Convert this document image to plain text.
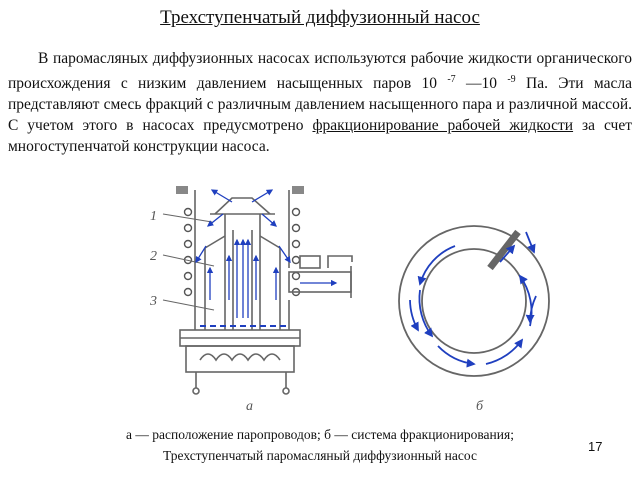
Трехступенчатый диффузионный насос

В паромасляных диффузионных насосах используются рабочие жидкости органического происхождения с низким давлением насыщенных паров 10 $^{-7}$ —10 $^{-9}$ Па. Эти масла представляют смесь фракций с различным давлением насыщенного пара и различной массой. С учетом этого в насосах предусмотрено фракционирование рабочей жидкости за счет многоступенчатой конструкции насоса.

1
2
3
а	б
а — расположение паропроводов; б — система фракционирования;
Трехступенчатый паромасляный диффузионный насос
17
